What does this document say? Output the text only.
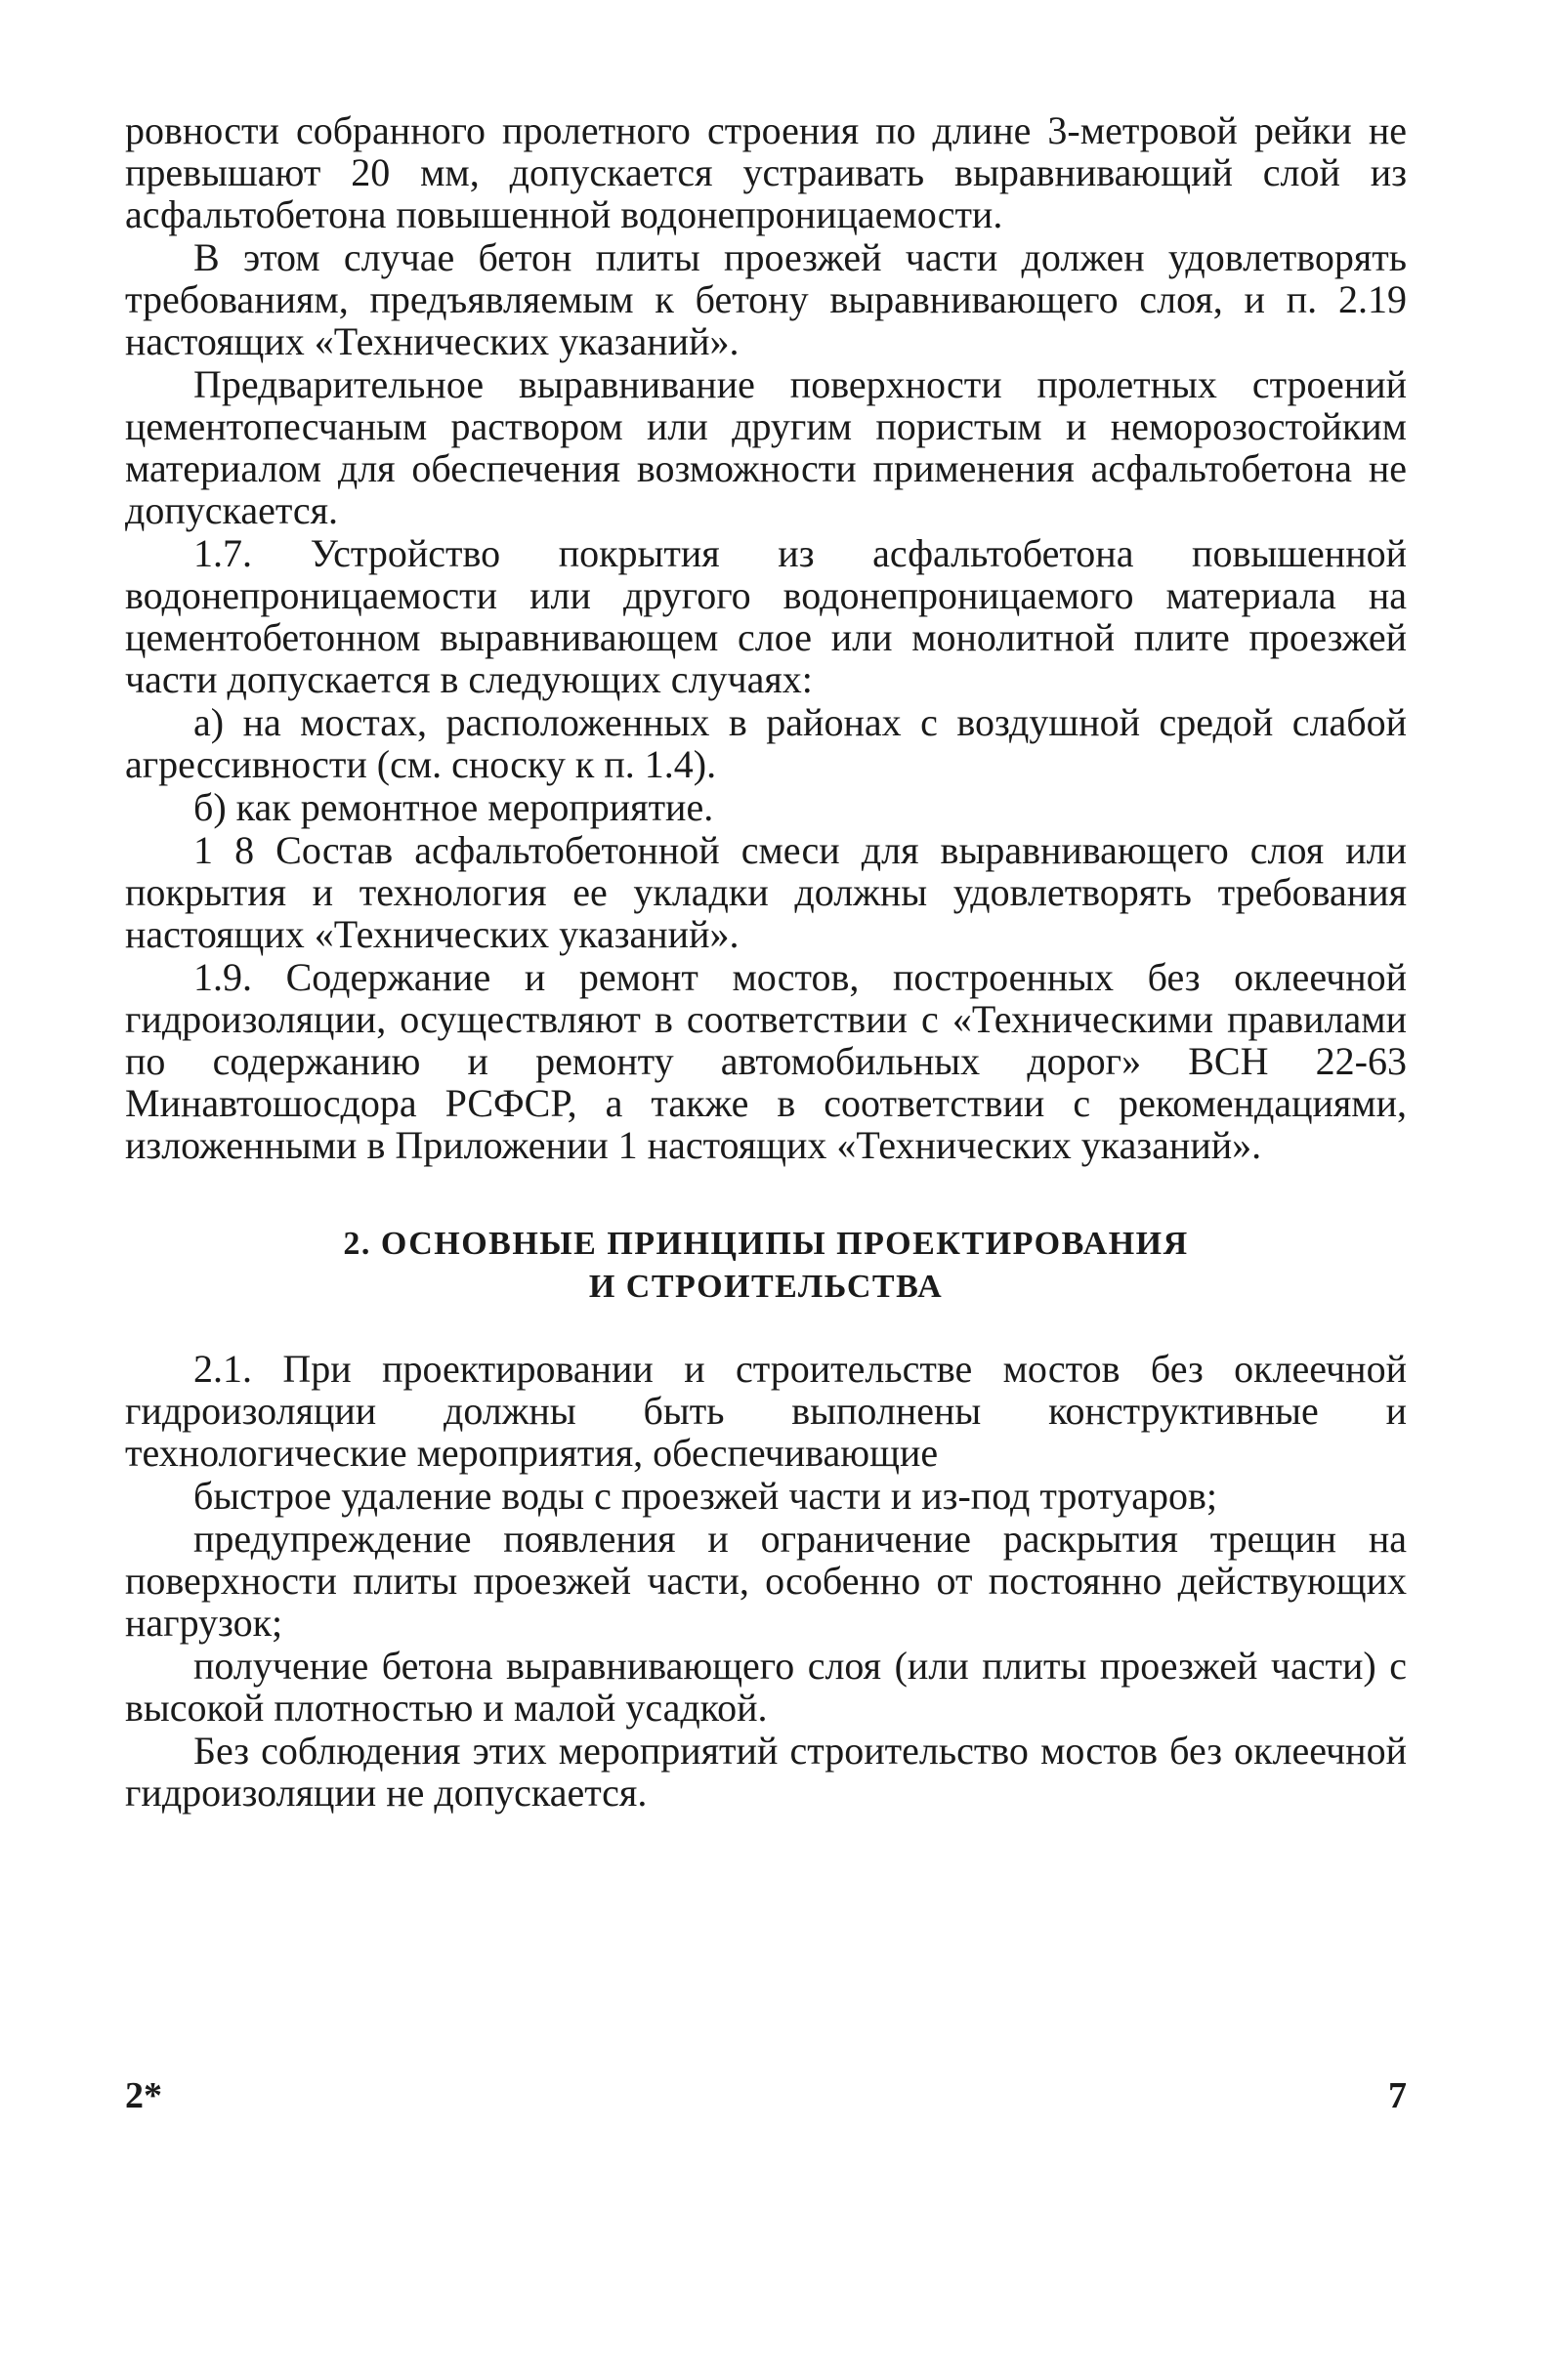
ровности собранного пролетного строения по длине 3-метровой рейки не превышают 20 мм, допускается устраивать выравнивающий слой из асфальтобетона повышенной водонепроницаемости.

В этом случае бетон плиты проезжей части должен удовлетворять требованиям, предъявляемым к бетону выравнивающего слоя, и п. 2.19 настоящих «Технических указаний».

Предварительное выравнивание поверхности пролетных строений цементопесчаным раствором или другим пористым и неморозостойким материалом для обеспечения возможности применения асфальтобетона не допускается.

1.7. Устройство покрытия из асфальтобетона повышенной водонепроницаемости или другого водонепроницаемого материала на цементобетонном выравнивающем слое или монолитной плите проезжей части допускается в следующих случаях:

а) на мостах, расположенных в районах с воздушной средой слабой агрессивности (см. сноску к п. 1.4).

б) как ремонтное мероприятие.

1 8 Состав асфальтобетонной смеси для выравнивающего слоя или покрытия и технология ее укладки должны удовлетворять требования настоящих «Технических указаний».

1.9. Содержание и ремонт мостов, построенных без оклеечной гидроизоляции, осуществляют в соответствии с «Техническими правилами по содержанию и ремонту автомобильных дорог» ВСН 22-63 Минавтошосдора РСФСР, а также в соответствии с рекомендациями, изложенными в Приложении 1 настоящих «Технических указаний».

2. ОСНОВНЫЕ ПРИНЦИПЫ ПРОЕКТИРОВАНИЯ
И СТРОИТЕЛЬСТВА

2.1. При проектировании и строительстве мостов без оклеечной гидроизоляции должны быть выполнены конструктивные и технологические мероприятия, обеспечивающие

быстрое удаление воды с проезжей части и из-под тротуаров;

предупреждение появления и ограничение раскрытия трещин на поверхности плиты проезжей части, особенно от постоянно действующих нагрузок;

получение бетона выравнивающего слоя (или плиты проезжей части) с высокой плотностью и малой усадкой.

Без соблюдения этих мероприятий строительство мостов без оклеечной гидроизоляции не допускается.

2*	7
